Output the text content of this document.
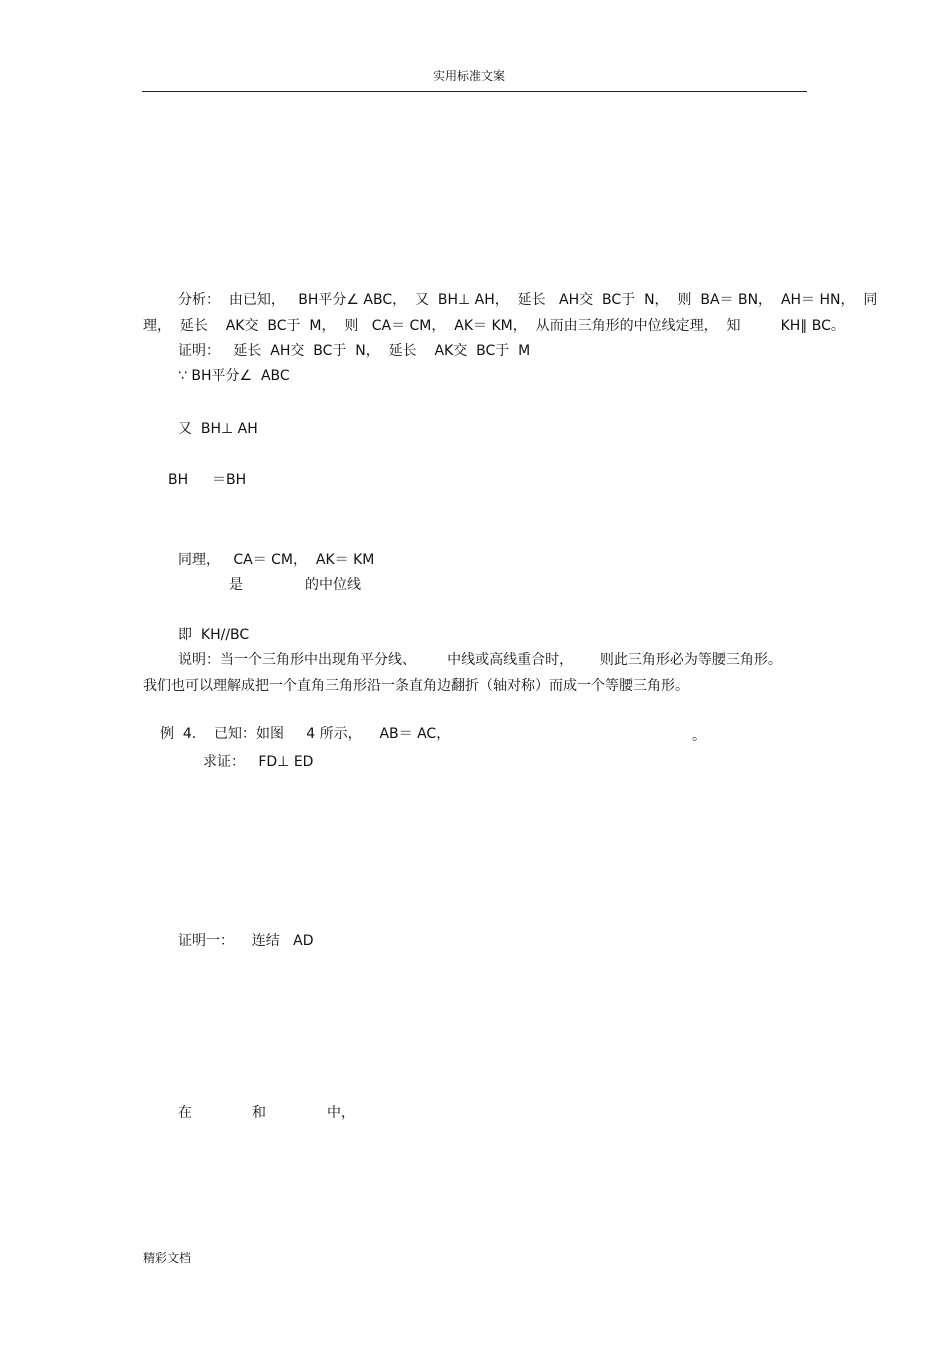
实用标准文案
分析：  由已知，   BH平分∠ ABC，  又  BH⊥ AH，  延长   AH交  BC于  N，  则  BA＝ BN，  AH＝ HN，  同
理，  延长    AK交  BC于  M，  则   CA＝ CM，  AK＝ KM，  从而由三角形的中位线定理，  知         KH∥ BC。
证明：   延长  AH交  BC于  N，  延长    AK交  BC于  M
∵ BH平分∠  ABC
又  BH⊥ AH
BH ＝BH
同理，   CA＝ CM，  AK＝ KM
是	的中位线
即  KH//BC
说明：当一个三角形中出现角平分线、       中线或高线重合时，      则此三角形必为等腰三角形。
我们也可以理解成把一个直角三角形沿一条直角边翻折（轴对称）而成一个等腰三角形。
例  4.    已知：如图     4 所示，    AB＝ AC，	。
求证：   FD⊥ ED
证明一：    连结   AD
在	和	中，
精彩文档
